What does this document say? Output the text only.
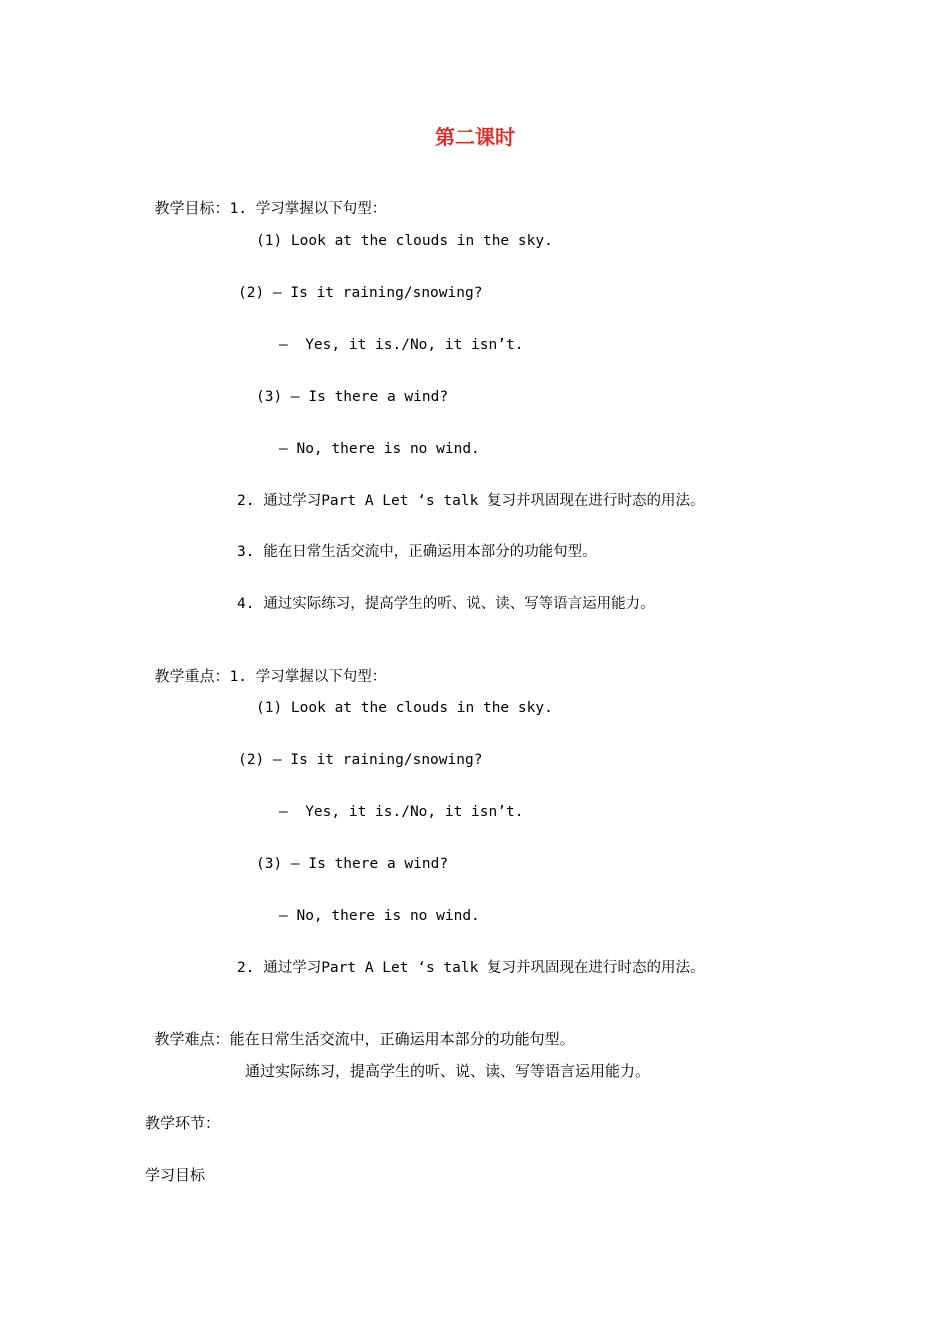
第二课时

教学目标：1. 学习掌握以下句型：

(1) Look at the clouds in the sky.
(2) — Is it raining/snowing?
—  Yes, it is./No, it isn’t.
(3) — Is there a wind?
— No, there is no wind.
2. 通过学习Part A Let ‘s talk 复习并巩固现在进行时态的用法。
3. 能在日常生活交流中，正确运用本部分的功能句型。
4. 通过实际练习，提高学生的听、说、读、写等语言运用能力。

教学重点：1. 学习掌握以下句型：

(1) Look at the clouds in the sky.
(2) — Is it raining/snowing?
—  Yes, it is./No, it isn’t.
(3) — Is there a wind?
— No, there is no wind.
2. 通过学习Part A Let ‘s talk 复习并巩固现在进行时态的用法。

教学难点：能在日常生活交流中，正确运用本部分的功能句型。

通过实际练习，提高学生的听、说、读、写等语言运用能力。
教学环节：
学习目标
